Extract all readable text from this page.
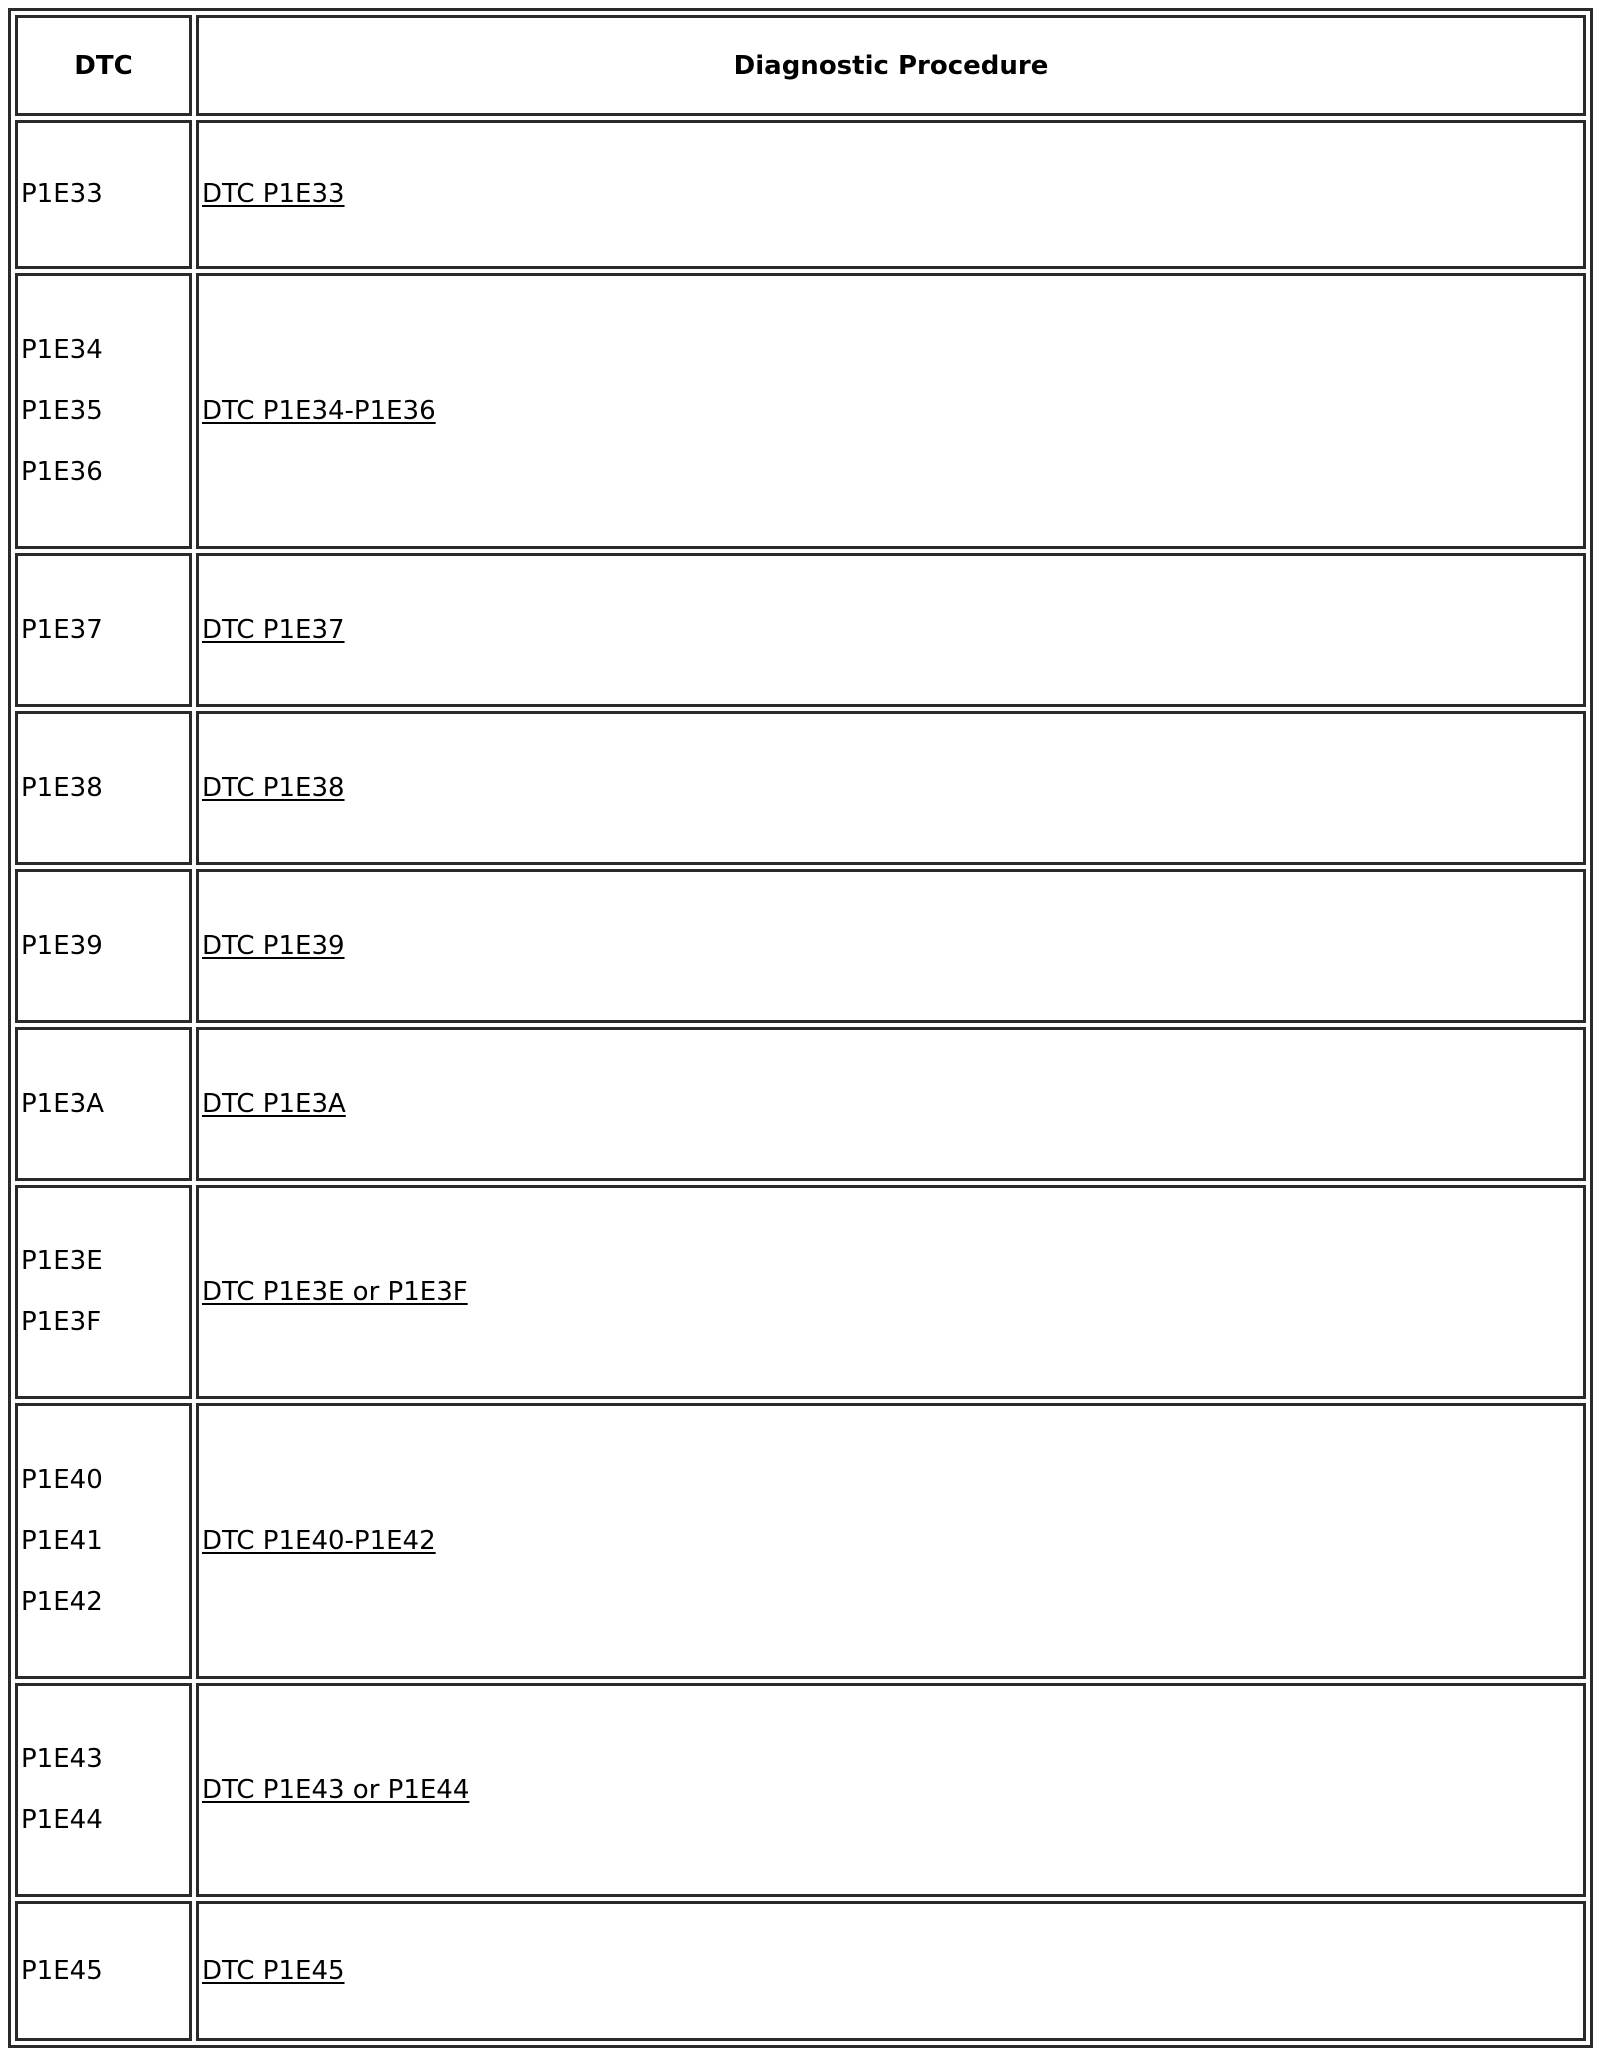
DTC	Diagnostic Procedure

P1E33	DTC P1E33

P1E34
P1E35
P1E36	DTC P1E34-P1E36

P1E37	DTC P1E37

P1E38	DTC P1E38

P1E39	DTC P1E39

P1E3A	DTC P1E3A

P1E3E
P1E3F	DTC P1E3E or P1E3F

P1E40
P1E41
P1E42	DTC P1E40-P1E42

P1E43
P1E44	DTC P1E43 or P1E44

P1E45	DTC P1E45
